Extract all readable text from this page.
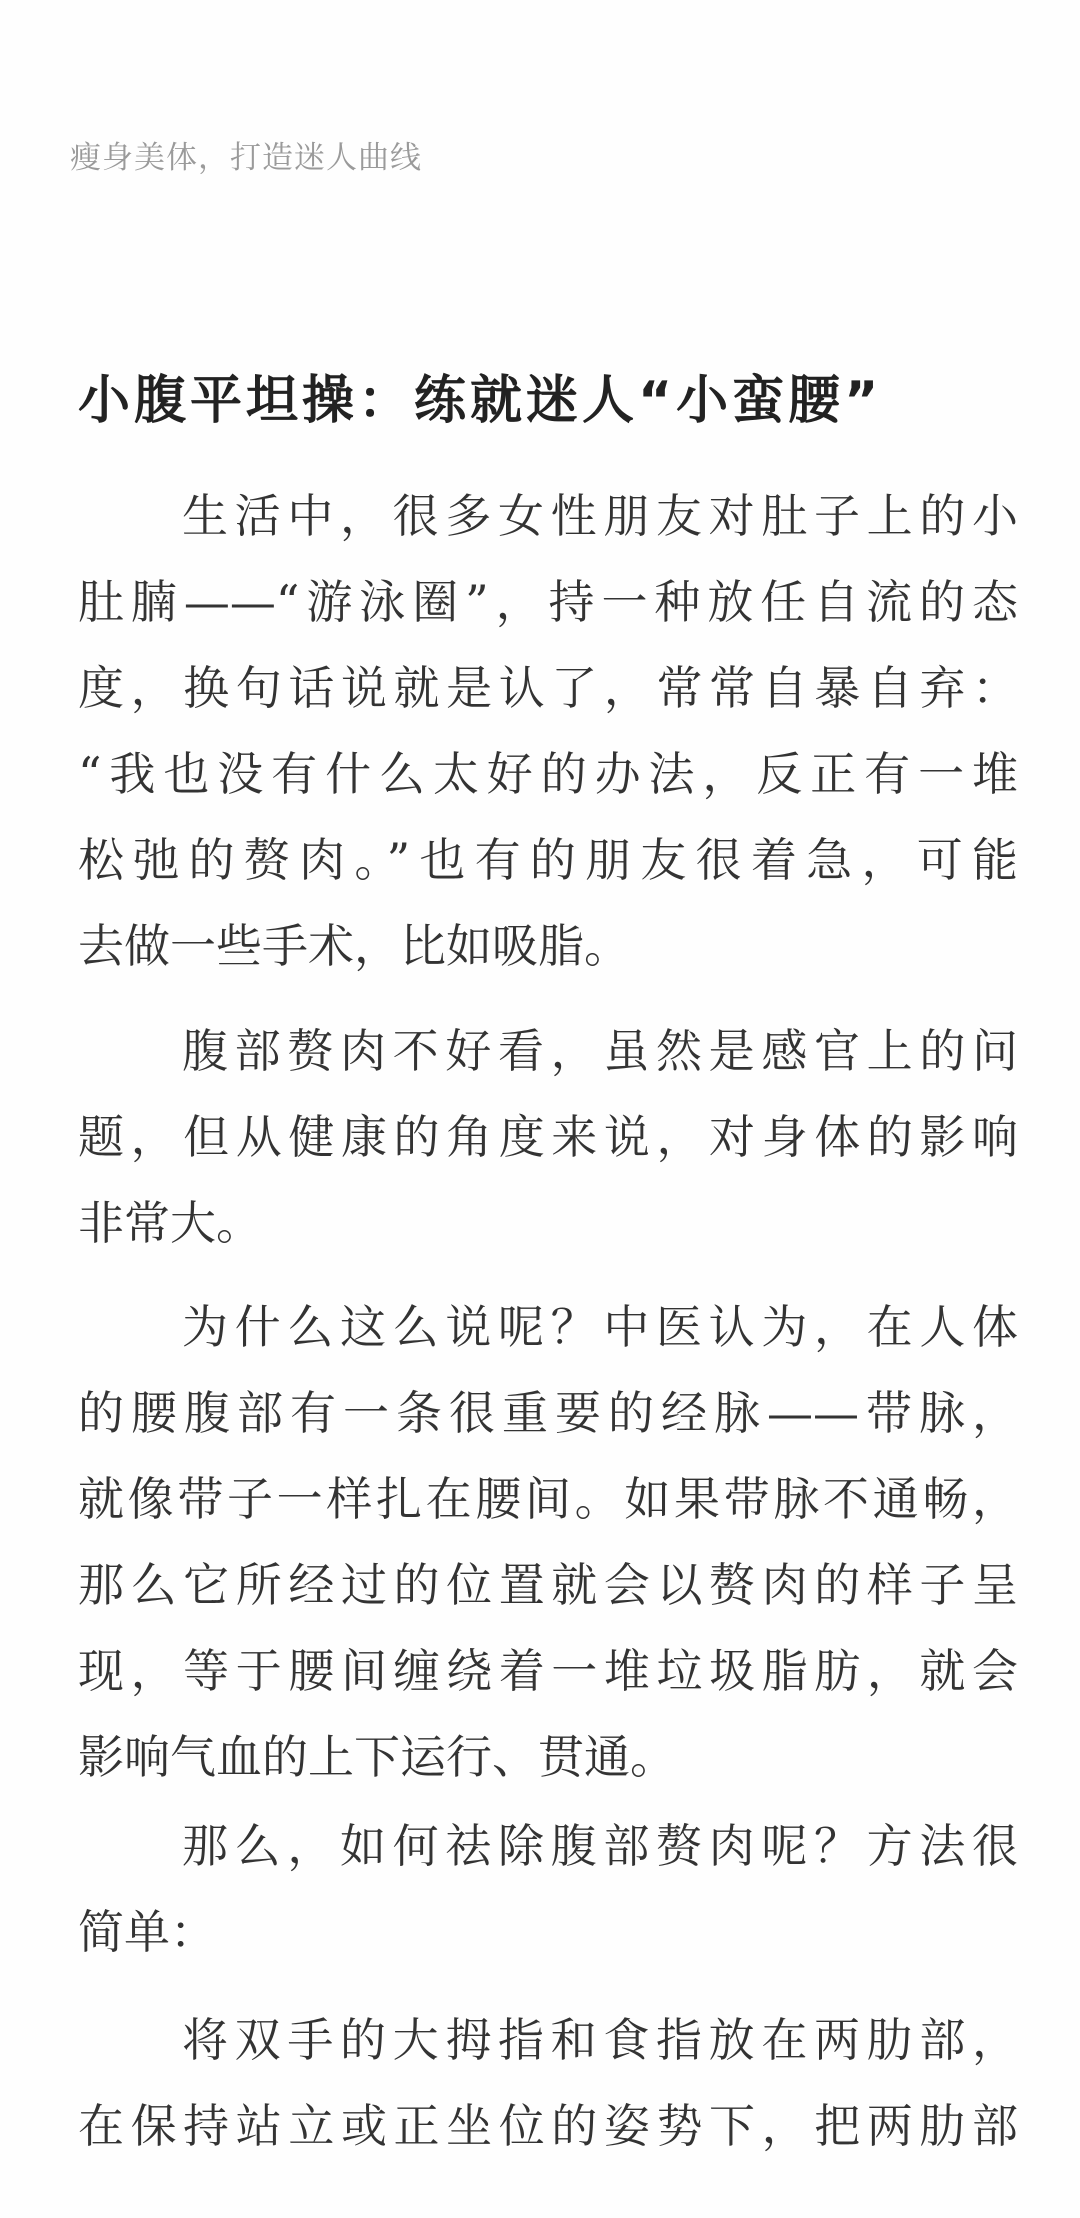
瘦身美体，打造迷人曲线
小腹平坦操：练就迷人“小蛮腰”

生活中，很多女性朋友对肚子上的小
肚腩——“游泳圈”，持一种放任自流的态
度，换句话说就是认了，常常自暴自弃：
“我也没有什么太好的办法，反正有一堆
松弛的赘肉。”也有的朋友很着急，可能
去做一些手术，比如吸脂。

腹部赘肉不好看，虽然是感官上的问
题，但从健康的角度来说，对身体的影响
非常大。

为什么这么说呢？中医认为，在人体
的腰腹部有一条很重要的经脉——带脉，
就像带子一样扎在腰间。如果带脉不通畅，
那么它所经过的位置就会以赘肉的样子呈
现，等于腰间缠绕着一堆垃圾脂肪，就会
影响气血的上下运行、贯通。

那么，如何祛除腹部赘肉呢？方法很
简单：

将双手的大拇指和食指放在两肋部，
在保持站立或正坐位的姿势下，把两肋部
